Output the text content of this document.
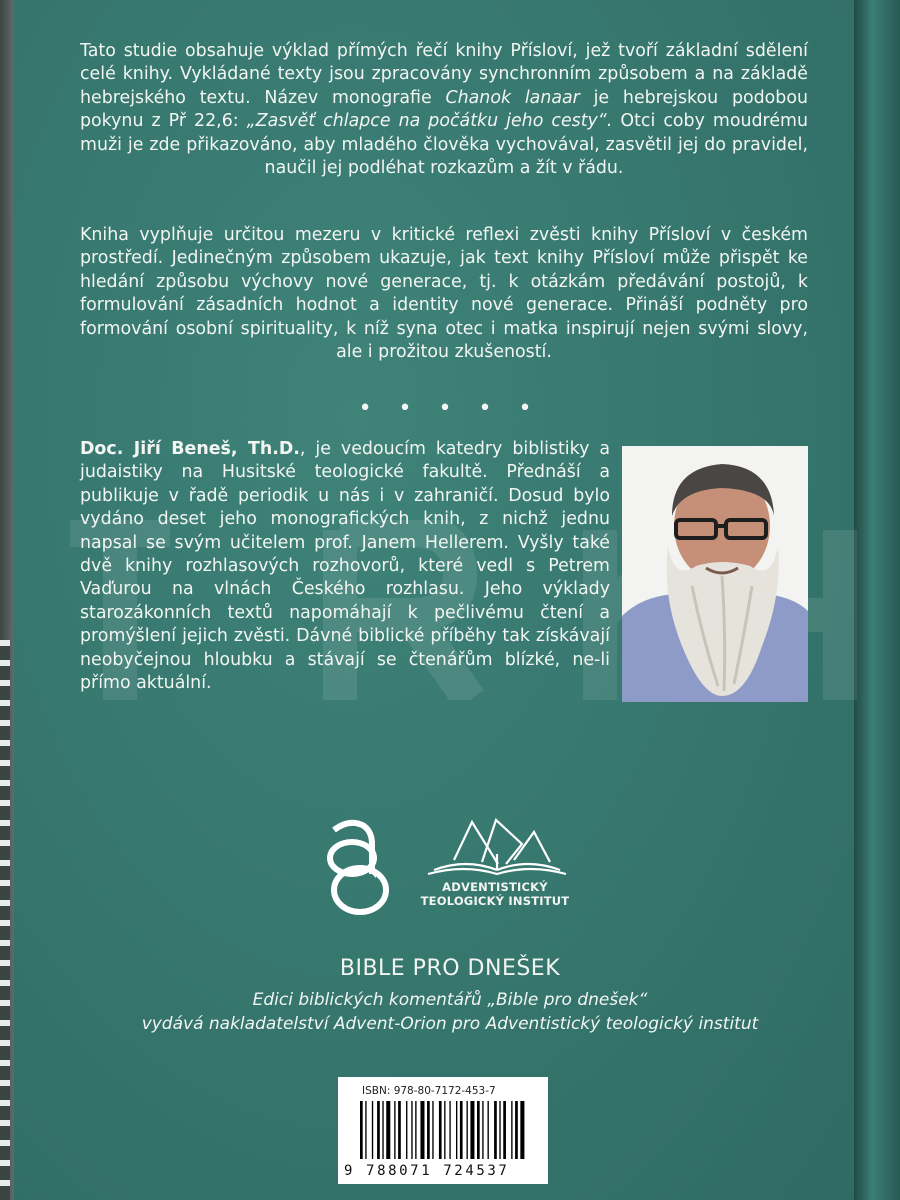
Tato studie obsahuje výklad přímých řečí knihy Přísloví, jež tvoří základní sdělení celé knihy. Vykládané texty jsou zpracovány synchronním způsobem a na základě hebrejského textu. Název monografie Chanok lanaar je hebrejskou podobou pokynu z Př 22,6: „Zasvěť chlapce na počátku jeho cesty“. Otci coby moudrému muži je zde přikazováno, aby mladého člověka vychovával, zasvětil jej do pravidel, naučil jej podléhat rozkazům a žít v řádu.
Kniha vyplňuje určitou mezeru v kritické reflexi zvěsti knihy Přísloví v českém prostředí. Jedinečným způsobem ukazuje, jak text knihy Přísloví může přispět ke hledání způsobu výchovy nové generace, tj. k otázkám předávání postojů, k formulování zásadních hodnot a identity nové generace. Přináší podněty pro formování osobní spirituality, k níž syna otec i matka inspirují nejen svými slovy, ale i prožitou zkušeností.
• • • • •
Doc. Jiří Beneš, Th.D., je vedoucím katedry biblistiky a judaistiky na Husitské teologické fakultě. Přednáší a publikuje v řadě periodik u nás i v zahraničí. Dosud bylo vydáno deset jeho monografických knih, z nichž jednu napsal se svým učitelem prof. Janem Hellerem. Vyšly také dvě knihy rozhlasových rozhovorů, které vedl s Petrem Vaďurou na vlnách Českého rozhlasu. Jeho výklady starozákonních textů napomáhají k pečlivému čtení a promýšlení jejich zvěsti. Dávné biblické příběhy tak získávají neobyčejnou hloubku a stávají se čtenářům blízké, ne-li přímo aktuální.
ADVENTISTICKÝ
TEOLOGICKÝ INSTITUT
BIBLE PRO DNEŠEK
Edici biblických komentářů „Bible pro dnešek“
vydává nakladatelství Advent-Orion pro Adventistický teologický institut
ISBN: 978-80-7172-453-7
9 788071 724537
